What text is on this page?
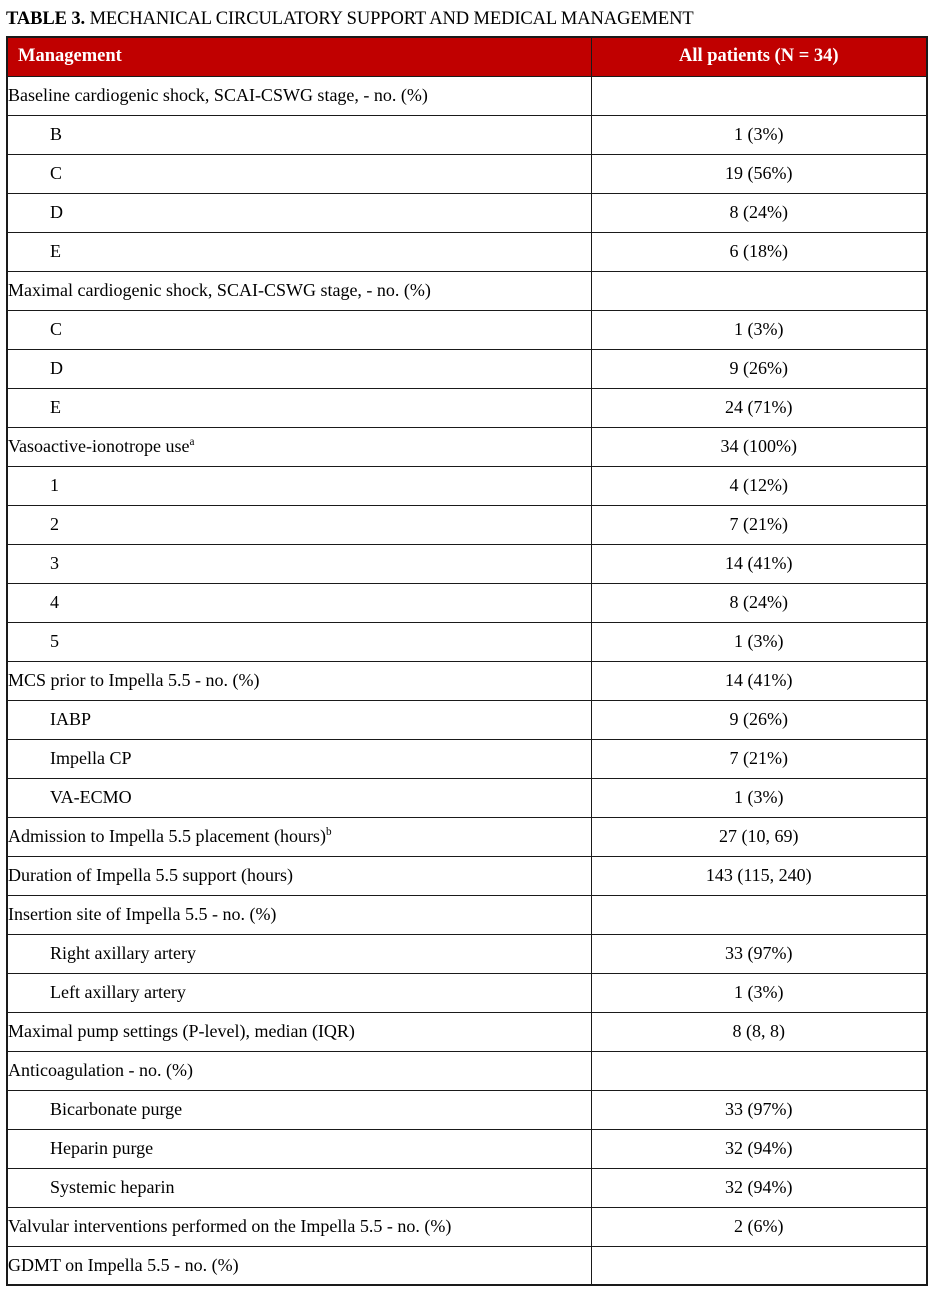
TABLE 3. MECHANICAL CIRCULATORY SUPPORT AND MEDICAL MANAGEMENT
Management	All patients (N = 34)
Baseline cardiogenic shock, SCAI-CSWG stage, - no. (%)	
B	1 (3%)
C	19 (56%)
D	8 (24%)
E	6 (18%)
Maximal cardiogenic shock, SCAI-CSWG stage, - no. (%)	
C	1 (3%)
D	9 (26%)
E	24 (71%)
Vasoactive-ionotrope use$^a$	34 (100%)
1	4 (12%)
2	7 (21%)
3	14 (41%)
4	8 (24%)
5	1 (3%)
MCS prior to Impella 5.5 - no. (%)	14 (41%)
IABP	9 (26%)
Impella CP	7 (21%)
VA-ECMO	1 (3%)
Admission to Impella 5.5 placement (hours)$^b$	27 (10, 69)
Duration of Impella 5.5 support (hours)	143 (115, 240)
Insertion site of Impella 5.5 - no. (%)	
Right axillary artery	33 (97%)
Left axillary artery	1 (3%)
Maximal pump settings (P-level), median (IQR)	8 (8, 8)
Anticoagulation - no. (%)	
Bicarbonate purge	33 (97%)
Heparin purge	32 (94%)
Systemic heparin	32 (94%)
Valvular interventions performed on the Impella 5.5 - no. (%)	2 (6%)
GDMT on Impella 5.5 - no. (%)	
